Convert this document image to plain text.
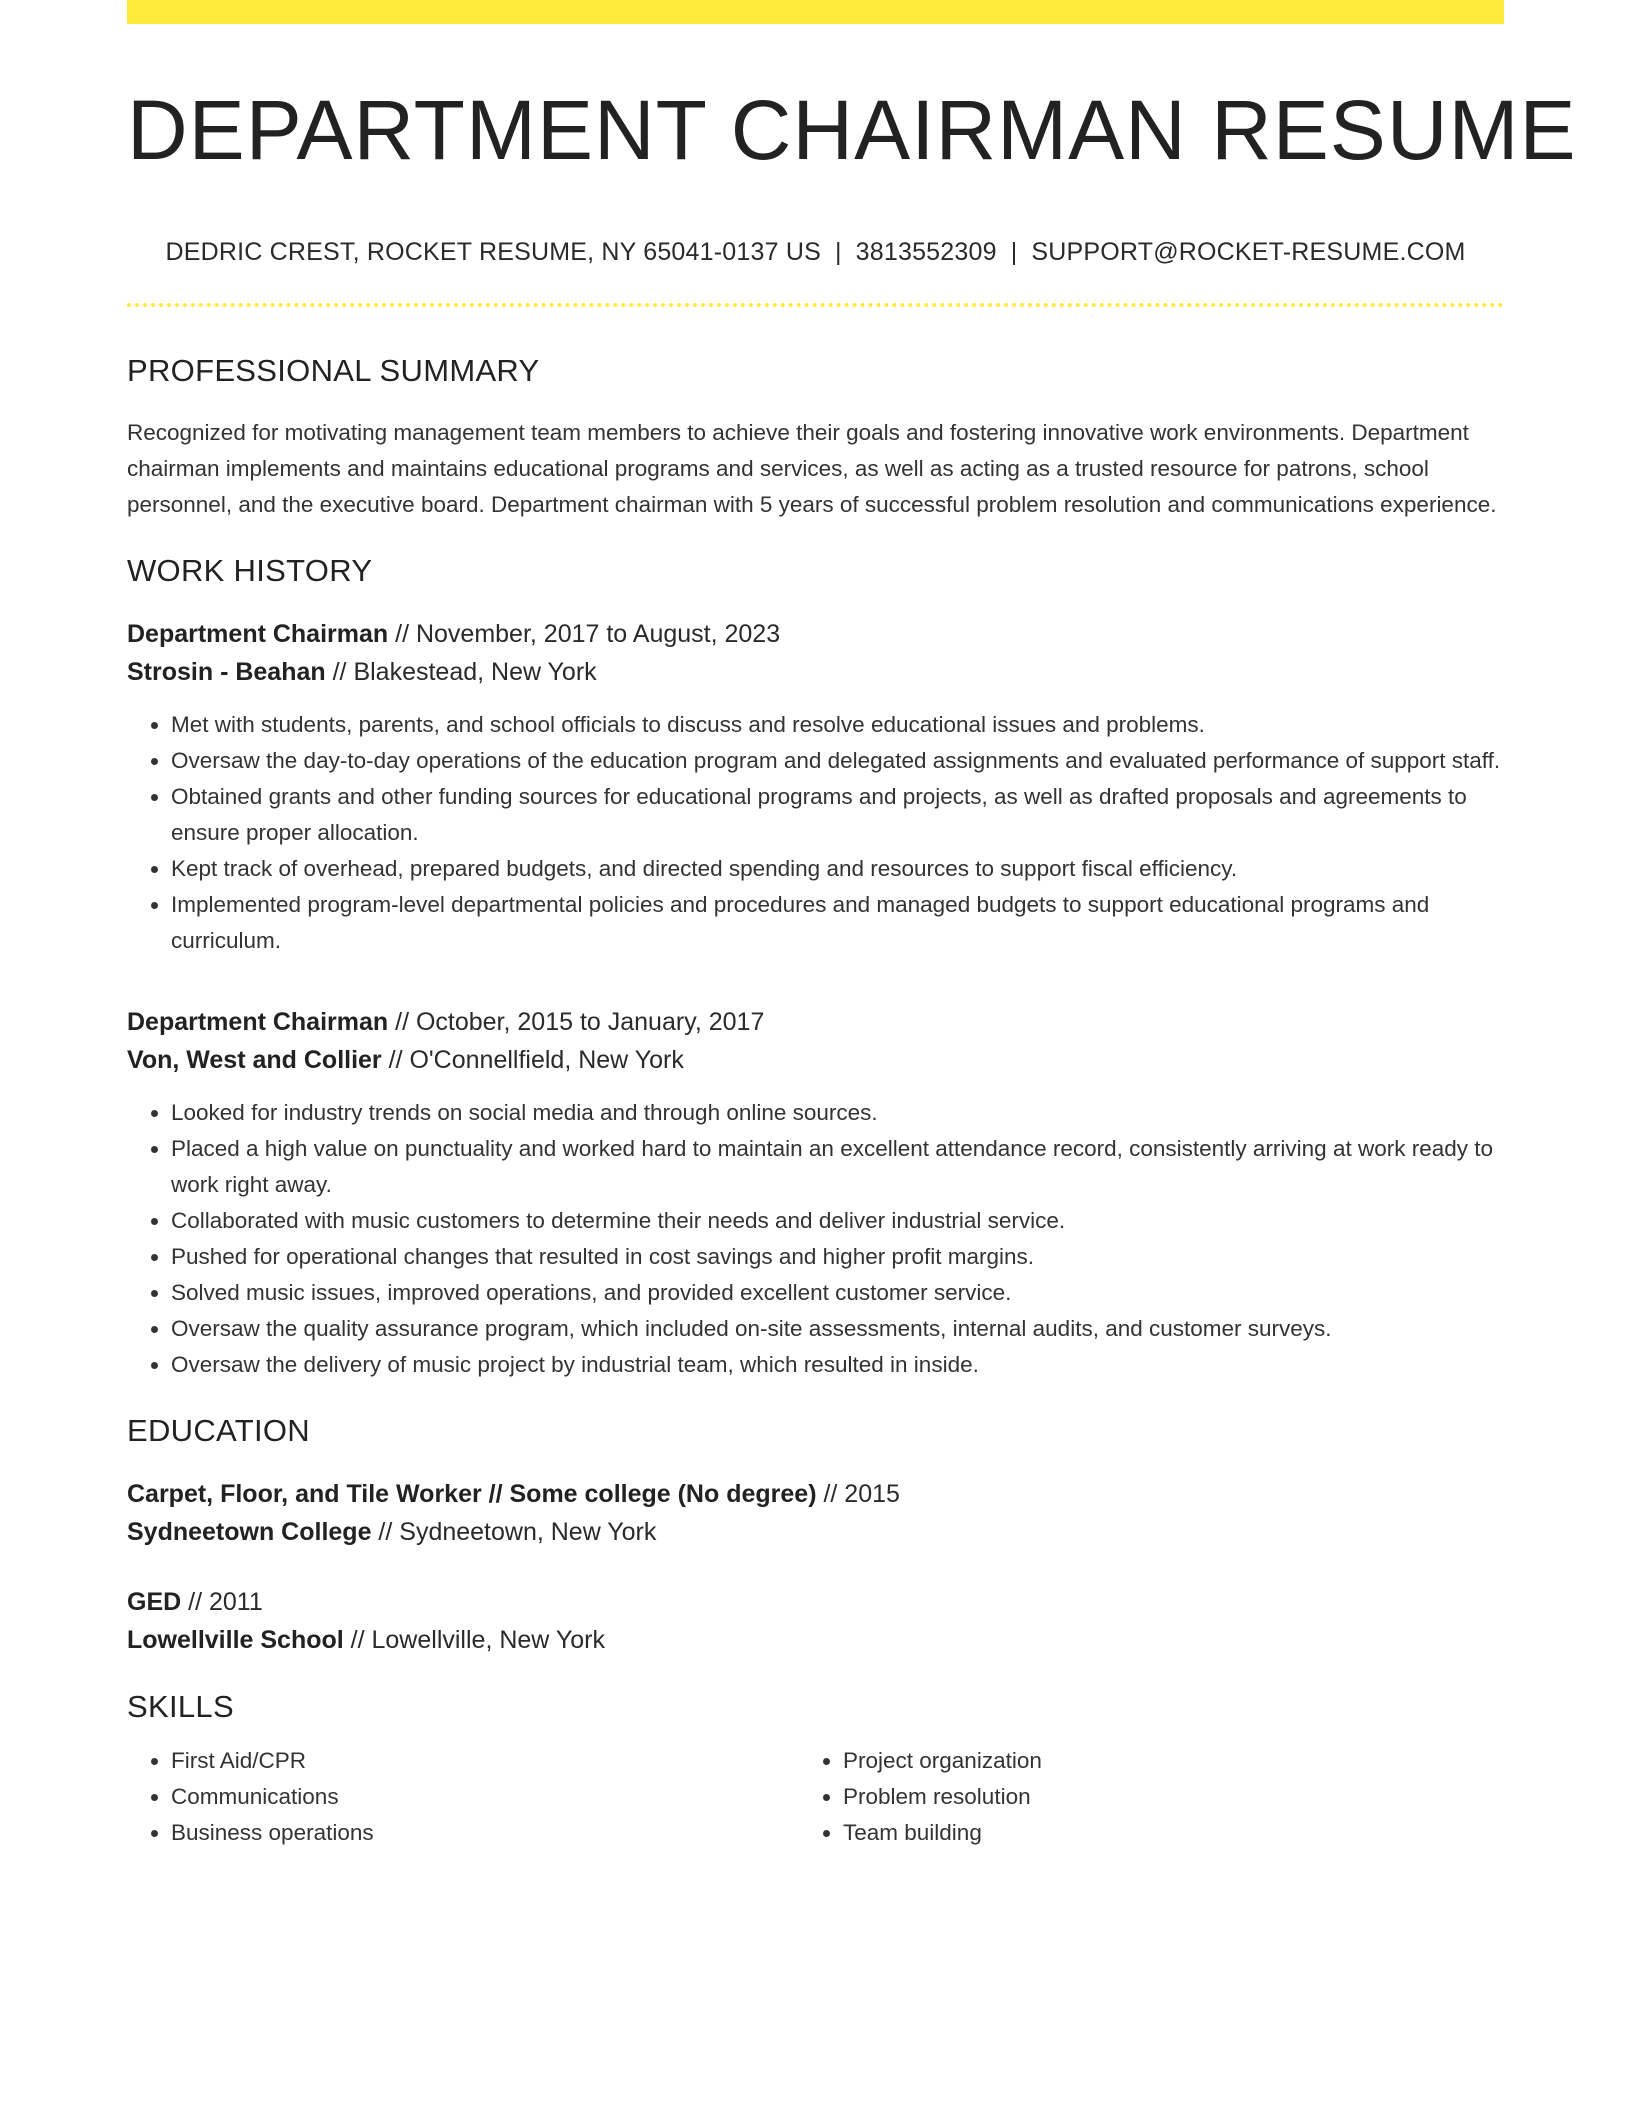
DEPARTMENT CHAIRMAN RESUME
DEDRIC CREST, ROCKET RESUME, NY 65041-0137 US | 3813552309 | SUPPORT@ROCKET-RESUME.COM
PROFESSIONAL SUMMARY

Recognized for motivating management team members to achieve their goals and fostering innovative work environments. Department chairman implements and maintains educational programs and services, as well as acting as a trusted resource for patrons, school personnel, and the executive board. Department chairman with 5 years of successful problem resolution and communications experience.

WORK HISTORY
Department Chairman // November, 2017 to August, 2023
Strosin - Beahan // Blakestead, New York
• Met with students, parents, and school officials to discuss and resolve educational issues and problems.
• Oversaw the day-to-day operations of the education program and delegated assignments and evaluated performance of support staff.
• Obtained grants and other funding sources for educational programs and projects, as well as drafted proposals and agreements to ensure proper allocation.
• Kept track of overhead, prepared budgets, and directed spending and resources to support fiscal efficiency.
• Implemented program-level departmental policies and procedures and managed budgets to support educational programs and curriculum.
Department Chairman // October, 2015 to January, 2017
Von, West and Collier // O'Connellfield, New York
• Looked for industry trends on social media and through online sources.
• Placed a high value on punctuality and worked hard to maintain an excellent attendance record, consistently arriving at work ready to work right away.
• Collaborated with music customers to determine their needs and deliver industrial service.
• Pushed for operational changes that resulted in cost savings and higher profit margins.
• Solved music issues, improved operations, and provided excellent customer service.
• Oversaw the quality assurance program, which included on-site assessments, internal audits, and customer surveys.
• Oversaw the delivery of music project by industrial team, which resulted in inside.
EDUCATION
Carpet, Floor, and Tile Worker // Some college (No degree) // 2015
Sydneetown College // Sydneetown, New York
GED // 2011
Lowellville School // Lowellville, New York
SKILLS
• First Aid/CPR
• Communications
• Business operations
• Project organization
• Problem resolution
• Team building
